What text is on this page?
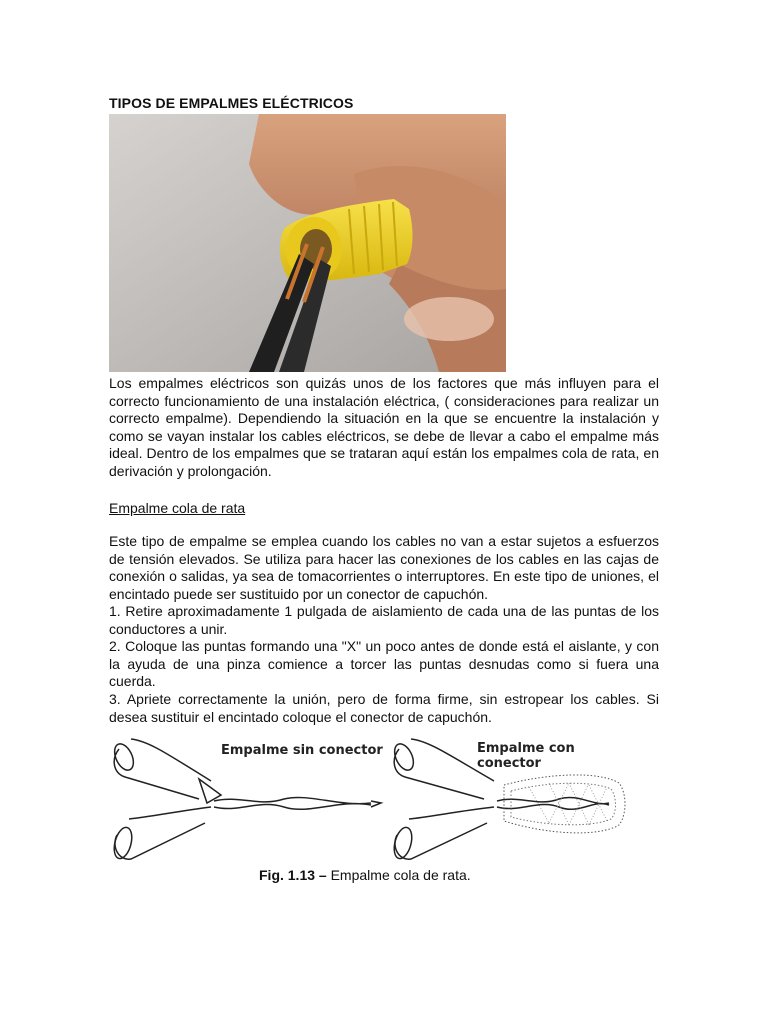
TIPOS DE EMPALMES ELÉCTRICOS

Los empalmes eléctricos son quizás unos de los factores que más influyen para el correcto funcionamiento de una instalación eléctrica, ( consideraciones para realizar un correcto empalme). Dependiendo la situación en la que se encuentre la instalación y como se vayan instalar los cables eléctricos, se debe de llevar a cabo el empalme más ideal. Dentro de los empalmes que se trataran aquí están los empalmes cola de rata, en derivación y prolongación.

Empalme cola de rata

Este tipo de empalme se emplea cuando los cables no van a estar sujetos a esfuerzos de tensión elevados. Se utiliza para hacer las conexiones de los cables en las cajas de conexión o salidas, ya sea de tomacorrientes o interruptores. En este tipo de uniones, el encintado puede ser sustituido por un conector de capuchón.

1. Retire aproximadamente 1 pulgada de aislamiento de cada una de las puntas de los conductores a unir.

2. Coloque las puntas formando una "X" un poco antes de donde está el aislante, y con la ayuda de una pinza comience a torcer las puntas desnudas como si fuera una cuerda.

3. Apriete correctamente la unión, pero de forma firme, sin estropear los cables. Si desea sustituir el encintado coloque el conector de capuchón.

Empalme sin conector	Empalme con conector
Fig. 1.13 – Empalme cola de rata.
